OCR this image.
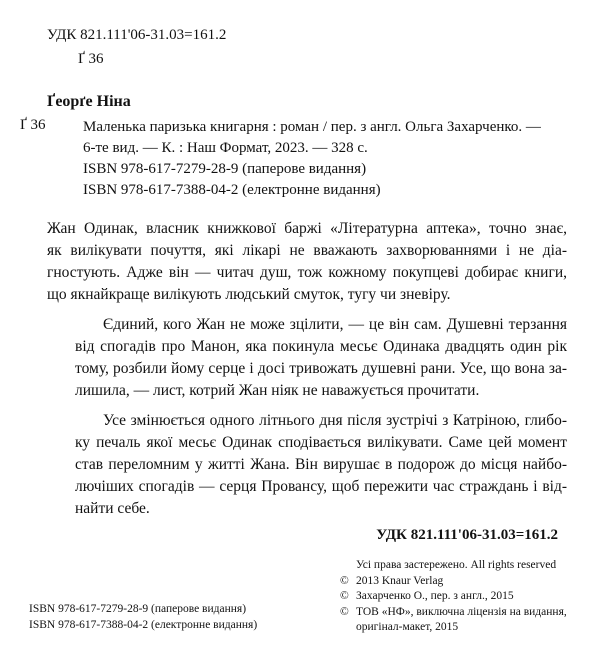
УДК 821.111'06-31.03=161.2
Ґ 36
Ґеорґе Ніна
Ґ 36	Маленька паризька книгарня : роман / пер. з англ. Ольга Захарченко. —
6-те вид. — К. : Наш Формат, 2023. — 328 с.
ISBN 978-617-7279-28-9 (паперове видання)
ISBN 978-617-7388-04-2 (електронне видання)

Жан Одинак, власник книжкової баржі «Літературна аптека», точно знає,
як вилікувати почуття, які лікарі не вважають захворюваннями і не діа-
гностують. Адже він — читач душ, тож кожному покупцеві добирає книги,
що якнайкраще вилікують людський смуток, тугу чи зневіру.

Єдиний, кого Жан не може зцілити, — це він сам. Душевні терзання
від спогадів про Манон, яка покинула месьє Одинака двадцять один рік
тому, розбили йому серце і досі тривожать душевні рани. Усе, що вона за-
лишила, — лист, котрий Жан ніяк не наважується прочитати.

Усе змінюється одного літнього дня після зустрічі з Катріною, глибо-
ку печаль якої месьє Одинак сподівається вилікувати. Саме цей момент
став переломним у житті Жана. Він вирушає в подорож до місця найбо-
лючіших спогадів — серця Провансу, щоб пережити час страждань і від-
найти себе.

УДК 821.111'06-31.03=161.2
Усі права застережено. All rights reserved
© 2013 Knaur Verlag
© Захарченко О., пер. з англ., 2015
© ТОВ «НФ», виключна ліцензія на видання,
оригінал-макет, 2015
ISBN 978-617-7279-28-9 (паперове видання)
ISBN 978-617-7388-04-2 (електронне видання)
